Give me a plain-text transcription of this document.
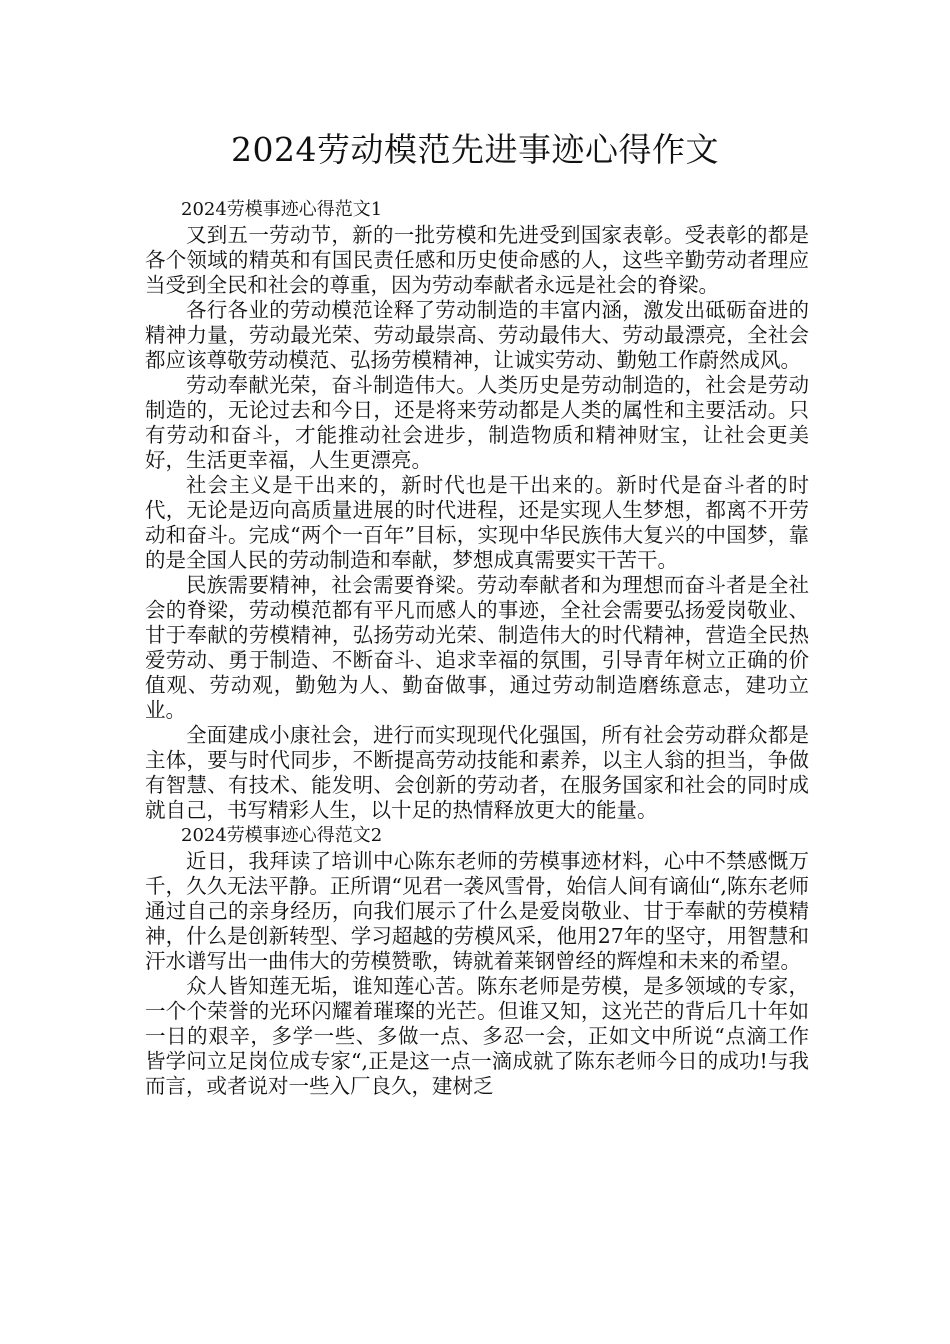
2024劳动模范先进事迹心得作文

2024劳模事迹心得范文1

又到五一劳动节，新的一批劳模和先进受到国家表彰。受表彰的都是各个领域的精英和有国民责任感和历史使命感的人，这些辛勤劳动者理应当受到全民和社会的尊重，因为劳动奉献者永远是社会的脊梁。

各行各业的劳动模范诠释了劳动制造的丰富内涵，激发出砥砺奋进的精神力量，劳动最光荣、劳动最崇高、劳动最伟大、劳动最漂亮，全社会都应该尊敬劳动模范、弘扬劳模精神，让诚实劳动、勤勉工作蔚然成风。

劳动奉献光荣，奋斗制造伟大。人类历史是劳动制造的，社会是劳动制造的，无论过去和今日，还是将来劳动都是人类的属性和主要活动。只有劳动和奋斗，才能推动社会进步，制造物质和精神财宝，让社会更美好，生活更幸福，人生更漂亮。

社会主义是干出来的，新时代也是干出来的。新时代是奋斗者的时代，无论是迈向高质量进展的时代进程，还是实现人生梦想，都离不开劳动和奋斗。完成“两个一百年”目标，实现中华民族伟大复兴的中国梦，靠的是全国人民的劳动制造和奉献，梦想成真需要实干苦干。

民族需要精神，社会需要脊梁。劳动奉献者和为理想而奋斗者是全社会的脊梁，劳动模范都有平凡而感人的事迹，全社会需要弘扬爱岗敬业、甘于奉献的劳模精神，弘扬劳动光荣、制造伟大的时代精神，营造全民热爱劳动、勇于制造、不断奋斗、追求幸福的氛围，引导青年树立正确的价值观、劳动观，勤勉为人、勤奋做事，通过劳动制造磨练意志，建功立业。

全面建成小康社会，进行而实现现代化强国，所有社会劳动群众都是主体，要与时代同步，不断提高劳动技能和素养，以主人翁的担当，争做有智慧、有技术、能发明、会创新的劳动者，在服务国家和社会的同时成就自己，书写精彩人生，以十足的热情释放更大的能量。

2024劳模事迹心得范文2

近日，我拜读了培训中心陈东老师的劳模事迹材料，心中不禁感慨万千，久久无法平静。正所谓“见君一袭风雪骨，始信人间有谪仙“,陈东老师通过自己的亲身经历，向我们展示了什么是爱岗敬业、甘于奉献的劳模精神，什么是创新转型、学习超越的劳模风采，他用27年的坚守，用智慧和汗水谱写出一曲伟大的劳模赞歌，铸就着莱钢曾经的辉煌和未来的希望。

众人皆知莲无垢，谁知莲心苦。陈东老师是劳模，是多领域的专家，一个个荣誉的光环闪耀着璀璨的光芒。但谁又知，这光芒的背后几十年如一日的艰辛，多学一些、多做一点、多忍一会，正如文中所说“点滴工作皆学问立足岗位成专家“,正是这一点一滴成就了陈东老师今日的成功!与我而言，或者说对一些入厂良久，建树乏
